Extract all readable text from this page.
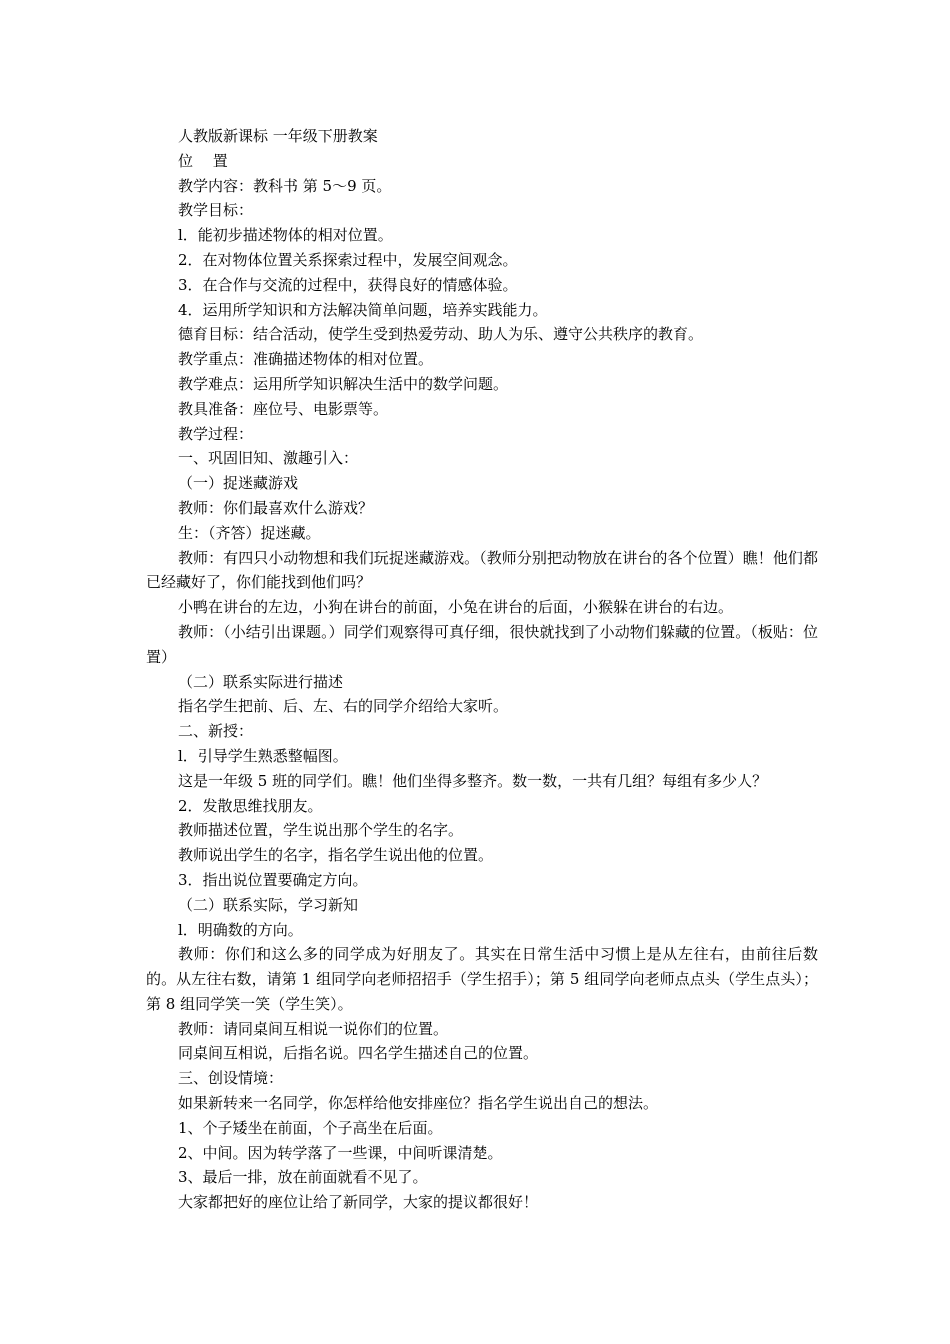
人教版新课标 一年级下册教案

位　 置

教学内容：教科书 第 5～9 页。

教学目标：

l．能初步描述物体的相对位置。

2．在对物体位置关系探索过程中，发展空间观念。

3．在合作与交流的过程中，获得良好的情感体验。

4．运用所学知识和方法解决简单问题，培养实践能力。

德育目标：结合活动，使学生受到热爱劳动、助人为乐、遵守公共秩序的教育。

教学重点：准确描述物体的相对位置。

教学难点：运用所学知识解决生活中的数学问题。

教具准备：座位号、电影票等。

教学过程：

一、巩固旧知、激趣引入：

（一）捉迷藏游戏

教师：你们最喜欢什么游戏？

生：（齐答）捉迷藏。

教师：有四只小动物想和我们玩捉迷藏游戏。（教师分别把动物放在讲台的各个位置）瞧！他们都已经藏好了，你们能找到他们吗？

小鸭在讲台的左边，小狗在讲台的前面，小兔在讲台的后面，小猴躲在讲台的右边。

教师：（小结引出课题。）同学们观察得可真仔细，很快就找到了小动物们躲藏的位置。（板贴：位置）

（二）联系实际进行描述

指名学生把前、后、左、右的同学介绍给大家听。

二、新授：

l．引导学生熟悉整幅图。

这是一年级 5 班的同学们。瞧！他们坐得多整齐。数一数，一共有几组？每组有多少人？

2．发散思维找朋友。

教师描述位置，学生说出那个学生的名字。

教师说出学生的名字，指名学生说出他的位置。

3．指出说位置要确定方向。

（二）联系实际，学习新知

l．明确数的方向。

教师：你们和这么多的同学成为好朋友了。其实在日常生活中习惯上是从左往右，由前往后数的。从左往右数，请第 1 组同学向老师招招手（学生招手）；第 5 组同学向老师点点头（学生点头）；第 8 组同学笑一笑（学生笑）。

教师：请同桌间互相说一说你们的位置。

同桌间互相说，后指名说。四名学生描述自己的位置。

三、创设情境：

如果新转来一名同学，你怎样给他安排座位？指名学生说出自己的想法。

1、个子矮坐在前面，个子高坐在后面。

2、中间。因为转学落了一些课，中间听课清楚。

3、最后一排，放在前面就看不见了。

大家都把好的座位让给了新同学，大家的提议都很好！
